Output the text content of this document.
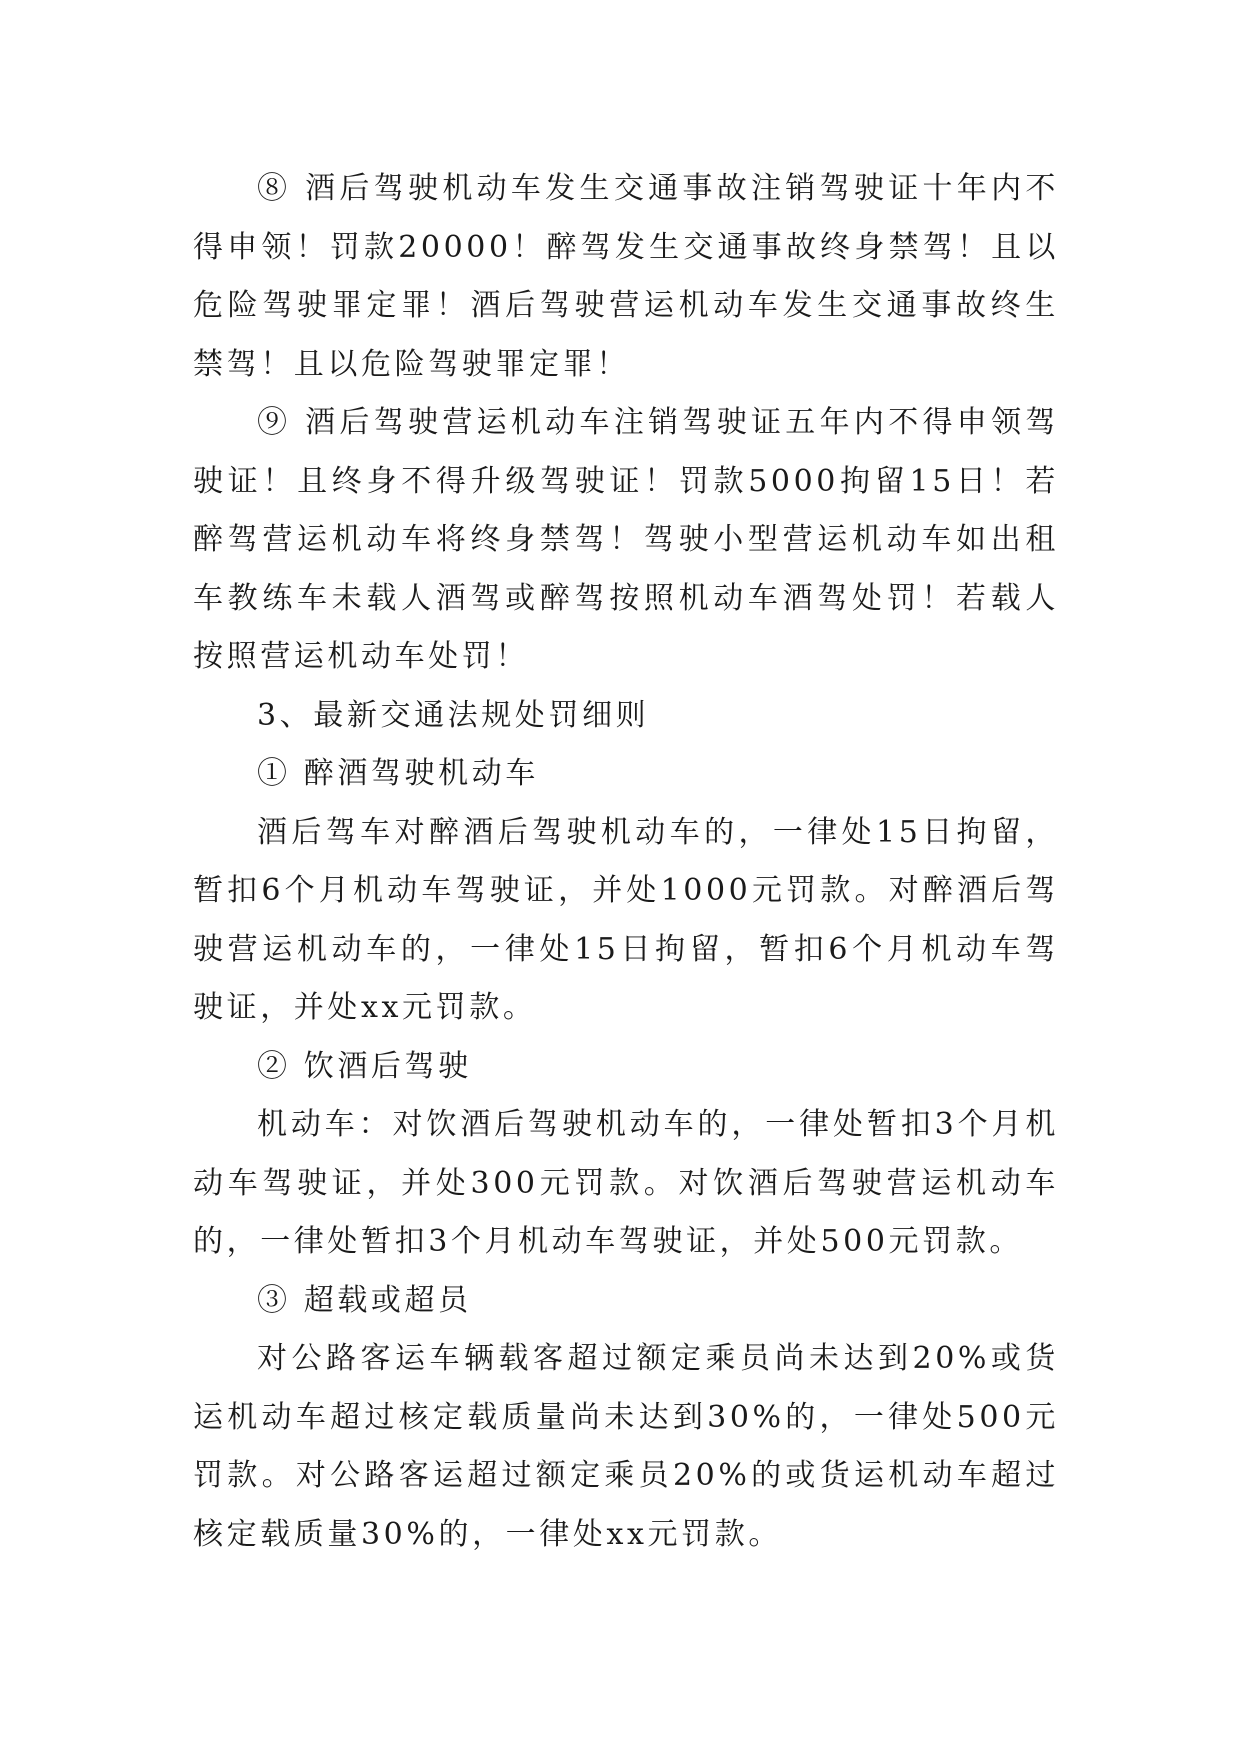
⑧ 酒后驾驶机动车发生交通事故注销驾驶证十年内不得申领！罚款20000！醉驾发生交通事故终身禁驾！且以危险驾驶罪定罪！酒后驾驶营运机动车发生交通事故终生禁驾！且以危险驾驶罪定罪！

⑨ 酒后驾驶营运机动车注销驾驶证五年内不得申领驾驶证！且终身不得升级驾驶证！罚款5000拘留15日！若醉驾营运机动车将终身禁驾！驾驶小型营运机动车如出租车教练车未载人酒驾或醉驾按照机动车酒驾处罚！若载人按照营运机动车处罚！

3、最新交通法规处罚细则

① 醉酒驾驶机动车

酒后驾车对醉酒后驾驶机动车的，一律处15日拘留，暂扣6个月机动车驾驶证，并处1000元罚款。对醉酒后驾驶营运机动车的，一律处15日拘留，暂扣6个月机动车驾驶证，并处xx元罚款。

② 饮酒后驾驶

机动车：对饮酒后驾驶机动车的，一律处暂扣3个月机动车驾驶证，并处300元罚款。对饮酒后驾驶营运机动车的，一律处暂扣3个月机动车驾驶证，并处500元罚款。

③ 超载或超员

对公路客运车辆载客超过额定乘员尚未达到20%或货运机动车超过核定载质量尚未达到30%的，一律处500元罚款。对公路客运超过额定乘员20%的或货运机动车超过核定载质量30%的，一律处xx元罚款。
